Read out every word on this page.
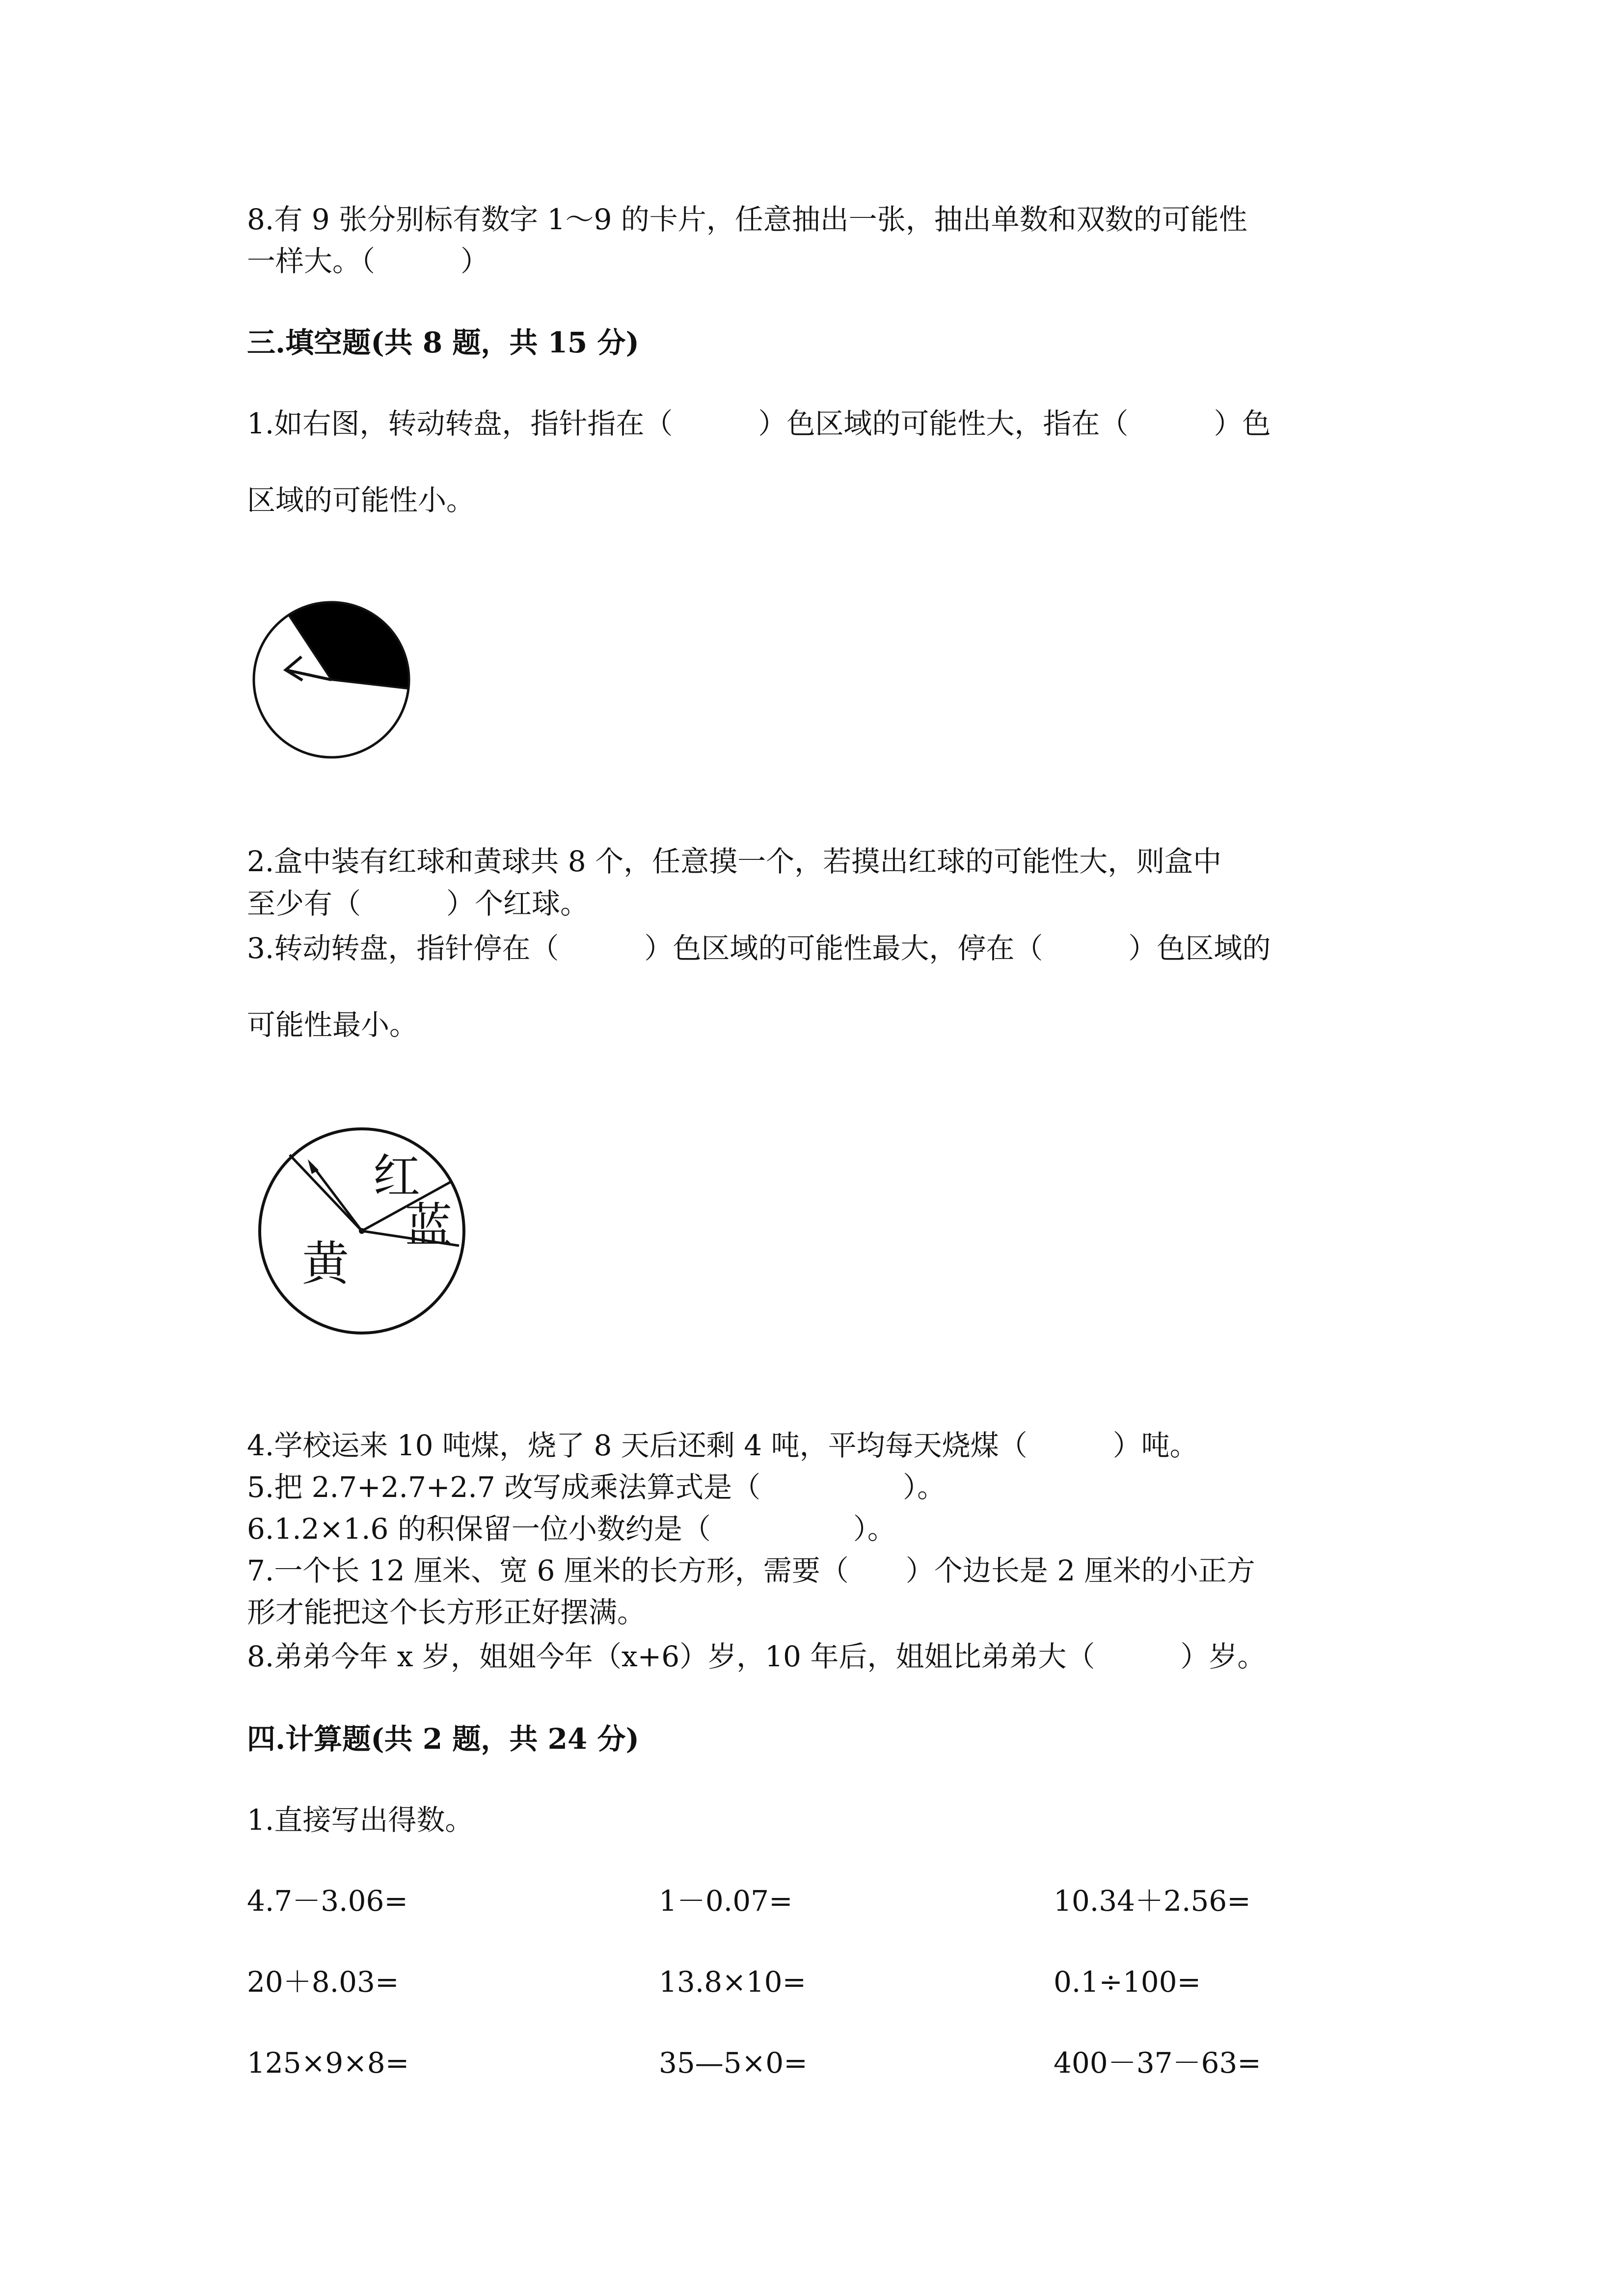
8.有 9 张分别标有数字 1～9 的卡片，任意抽出一张，抽出单数和双数的可能性

一样大。（　　　）

三.填空题(共 8 题，共 15 分)

1.如右图，转动转盘，指针指在（　　　）色区域的可能性大，指在（　　　）色

区域的可能性小。

2.盒中装有红球和黄球共 8 个，任意摸一个，若摸出红球的可能性大，则盒中

至少有（　　　）个红球。

3.转动转盘，指针停在（　　　）色区域的可能性最大，停在（　　　）色区域的

可能性最小。

红
蓝
黄

4.学校运来 10 吨煤，烧了 8 天后还剩 4 吨，平均每天烧煤（　　　）吨。

5.把 2.7+2.7+2.7 改写成乘法算式是（　　　　　）。

6.1.2×1.6 的积保留一位小数约是（　　　　　）。

7.一个长 12 厘米、宽 6 厘米的长方形，需要（　　）个边长是 2 厘米的小正方

形才能把这个长方形正好摆满。

8.弟弟今年 x 岁，姐姐今年（x+6）岁，10 年后，姐姐比弟弟大（　　　）岁。

四.计算题(共 2 题，共 24 分)

1.直接写出得数。

4.7－3.06=	1－0.07=	10.34＋2.56=
20＋8.03=	13.8×10=	0.1÷100=
125×9×8=	35—5×0=	400－37－63=
